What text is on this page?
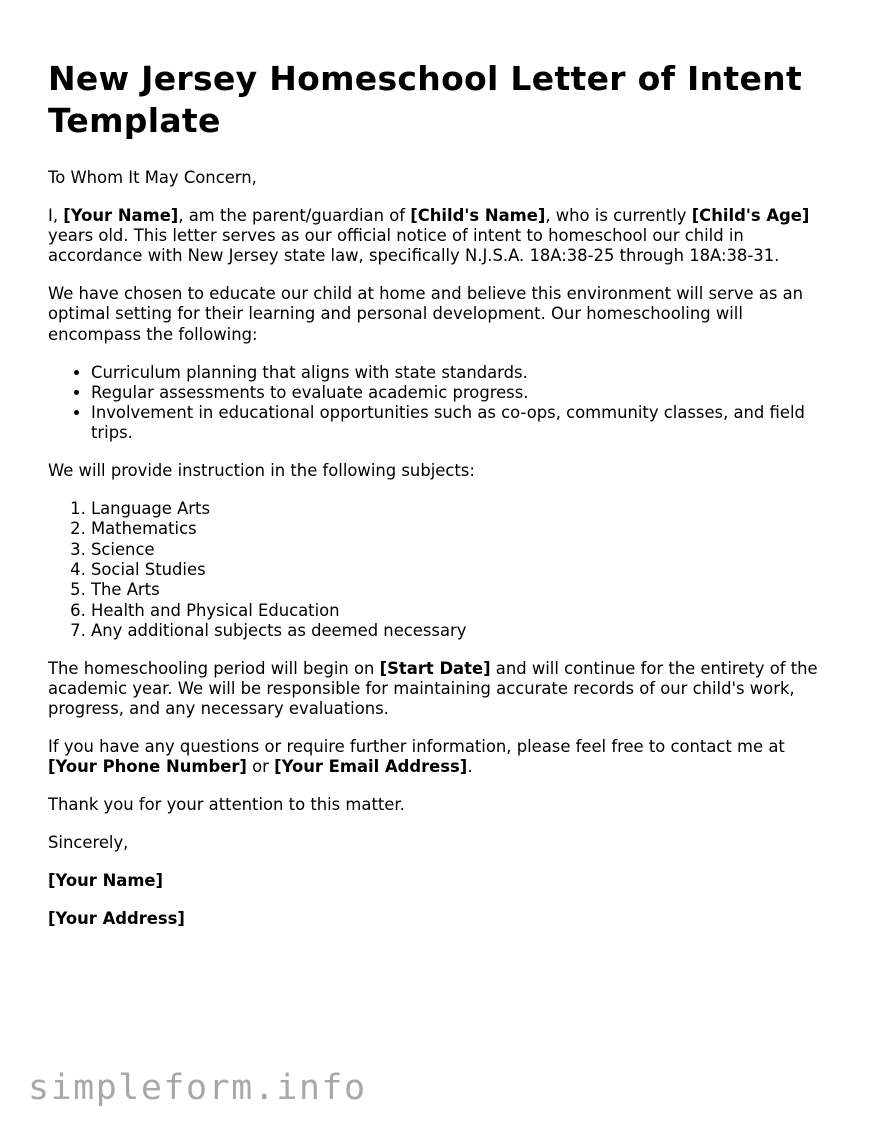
New Jersey Homeschool Letter of Intent Template

To Whom It May Concern,

I, [Your Name], am the parent/guardian of [Child's Name], who is currently [Child's Age] years old. This letter serves as our official notice of intent to homeschool our child in accordance with New Jersey state law, specifically N.J.S.A. 18A:38-25 through 18A:38-31.

We have chosen to educate our child at home and believe this environment will serve as an optimal setting for their learning and personal development. Our homeschooling will encompass the following:

• Curriculum planning that aligns with state standards.
• Regular assessments to evaluate academic progress.
• Involvement in educational opportunities such as co-ops, community classes, and field trips.

We will provide instruction in the following subjects:

1. Language Arts
2. Mathematics
3. Science
4. Social Studies
5. The Arts
6. Health and Physical Education
7. Any additional subjects as deemed necessary

The homeschooling period will begin on [Start Date] and will continue for the entirety of the academic year. We will be responsible for maintaining accurate records of our child's work, progress, and any necessary evaluations.

If you have any questions or require further information, please feel free to contact me at [Your Phone Number] or [Your Email Address].

Thank you for your attention to this matter.

Sincerely,

[Your Name]

[Your Address]

simpleform.info
